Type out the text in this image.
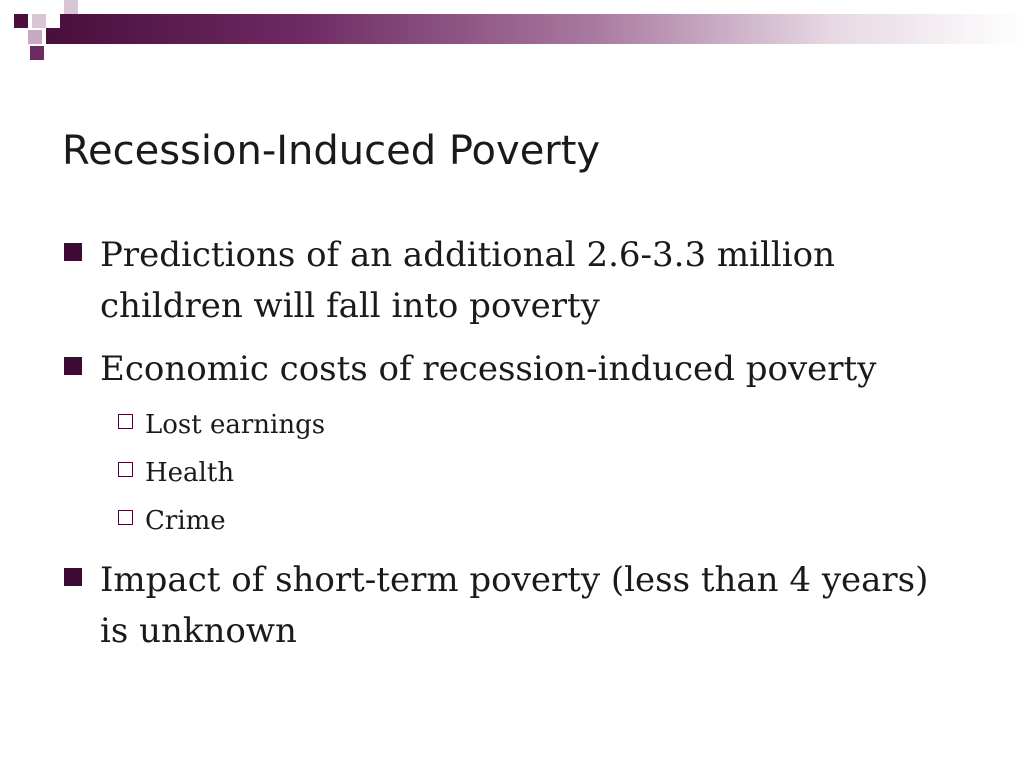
Recession-Induced Poverty
Predictions of an additional 2.6-3.3 million children will fall into poverty
Economic costs of recession-induced poverty
Lost earnings
Health
Crime
Impact of short-term poverty (less than 4 years) is unknown
